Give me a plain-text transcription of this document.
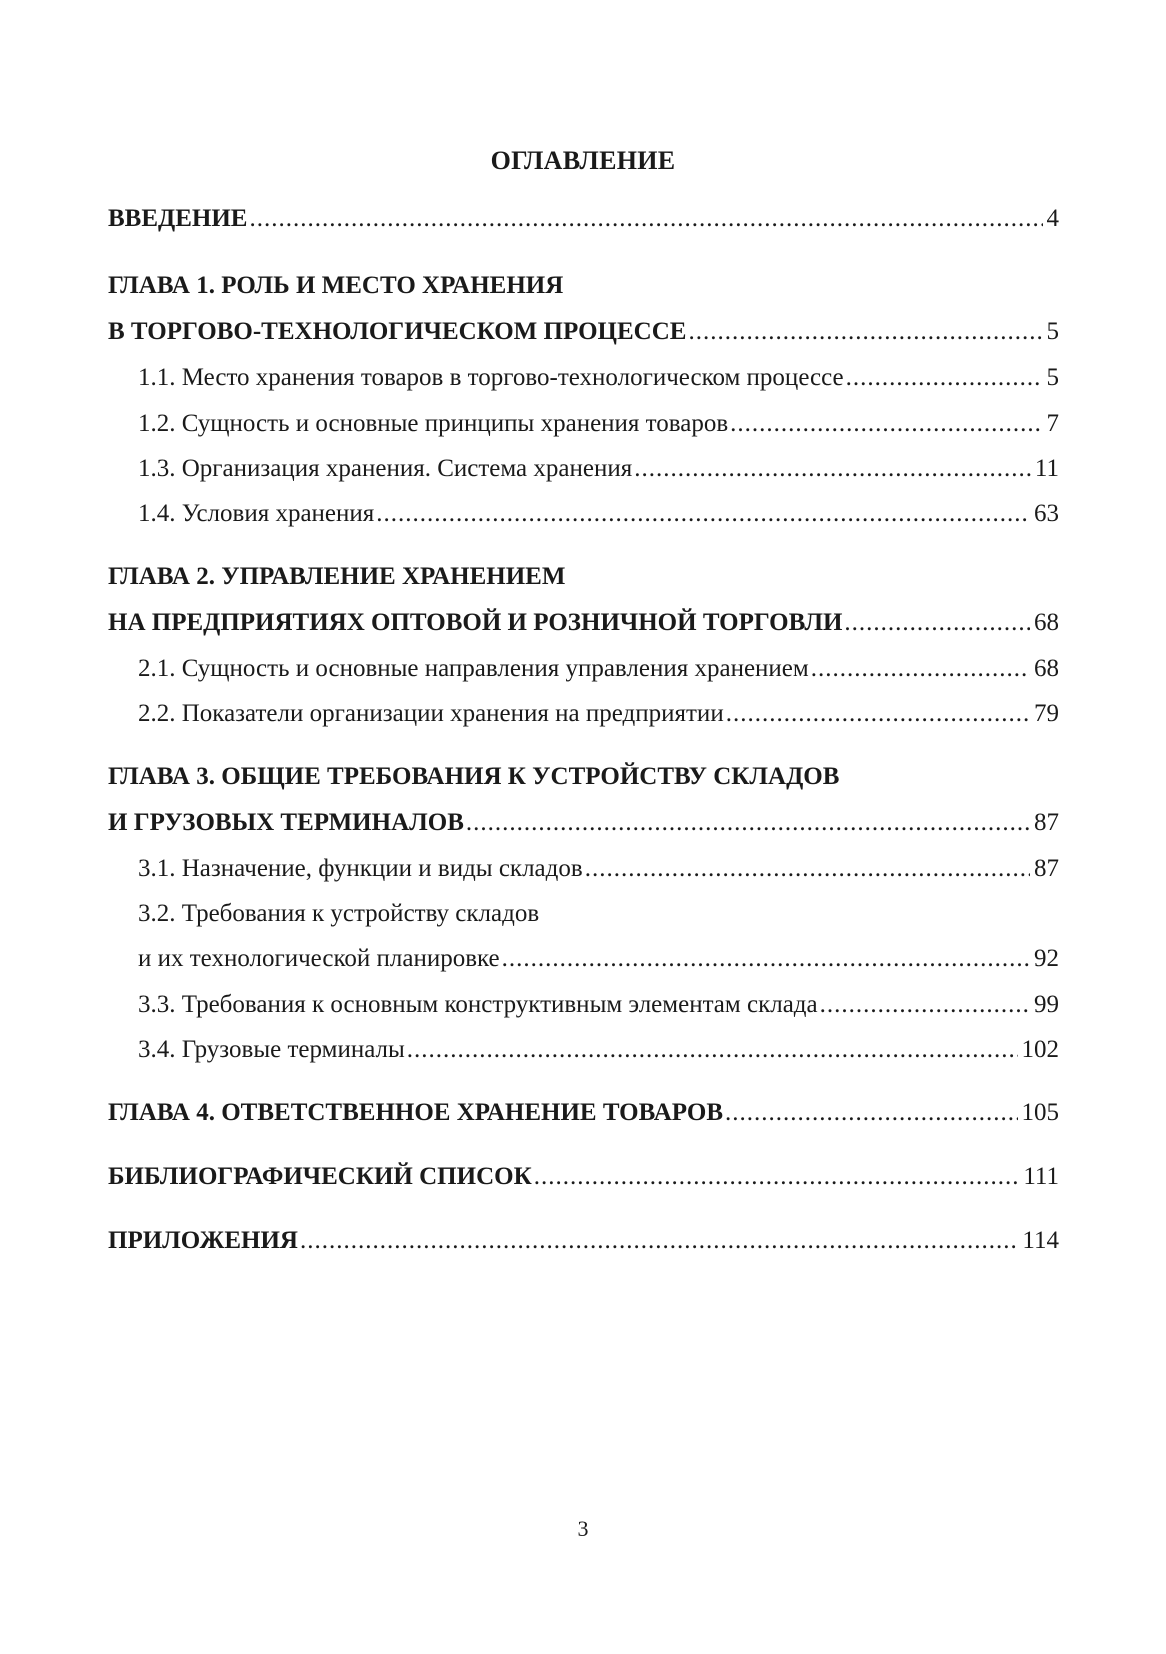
ОГЛАВЛЕНИЕ
ВВЕДЕНИЕ .....	4
ГЛАВА 1. РОЛЬ И МЕСТО ХРАНЕНИЯ
В ТОРГОВО-ТЕХНОЛОГИЧЕСКОМ ПРОЦЕССЕ .....	5
1.1. Место хранения товаров в торгово-технологическом процессе .....	5
1.2. Сущность и основные принципы хранения товаров .....	7
1.3. Организация хранения. Система хранения .....	11
1.4. Условия хранения .....	63
ГЛАВА 2. УПРАВЛЕНИЕ ХРАНЕНИЕМ
НА ПРЕДПРИЯТИЯХ ОПТОВОЙ И РОЗНИЧНОЙ ТОРГОВЛИ .....	68
2.1. Сущность и основные направления управления хранением .....	68
2.2. Показатели организации хранения на предприятии .....	79
ГЛАВА 3. ОБЩИЕ ТРЕБОВАНИЯ К УСТРОЙСТВУ СКЛАДОВ
И ГРУЗОВЫХ ТЕРМИНАЛОВ .....	87
3.1. Назначение, функции и виды складов .....	87
3.2. Требования к устройству складов
и их технологической планировке .....	92
3.3. Требования к основным конструктивным элементам склада .....	99
3.4. Грузовые терминалы .....	102
ГЛАВА 4. ОТВЕТСТВЕННОЕ ХРАНЕНИЕ ТОВАРОВ .....	105
БИБЛИОГРАФИЧЕСКИЙ СПИСОК .....	111
ПРИЛОЖЕНИЯ .....	114
3
